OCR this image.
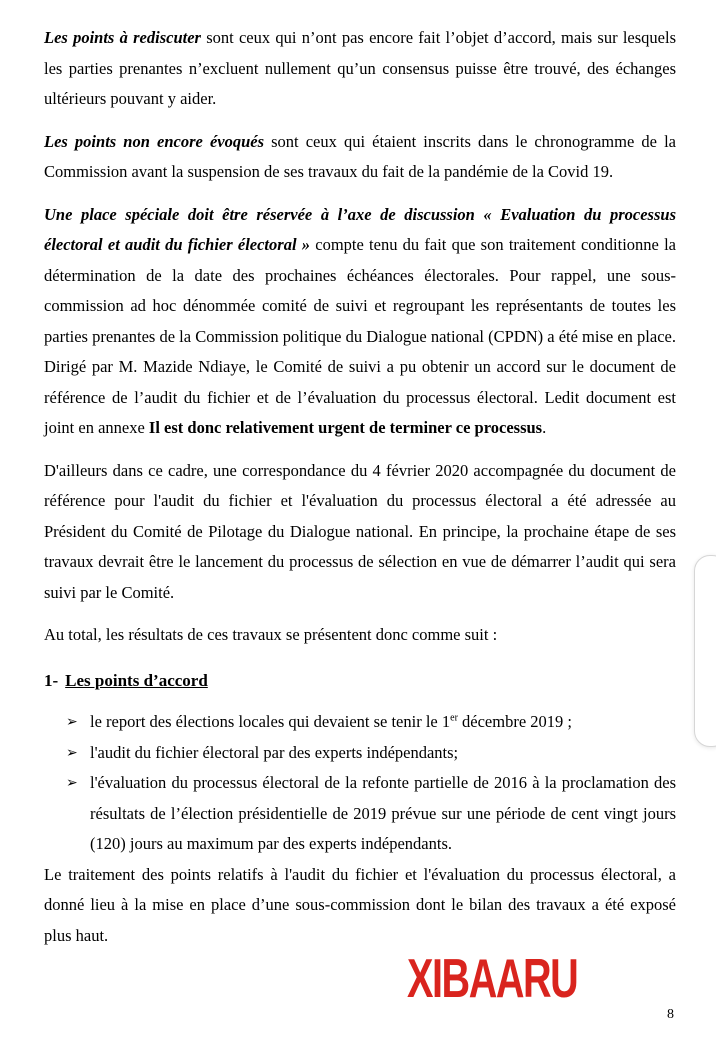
Les points à rediscuter sont ceux qui n’ont pas encore fait l’objet d’accord, mais sur lesquels les parties prenantes n’excluent nullement qu’un consensus puisse être trouvé, des échanges ultérieurs pouvant y aider.

Les points non encore évoqués sont ceux qui étaient inscrits dans le chronogramme de la Commission avant la suspension de ses travaux du fait de la pandémie de la Covid 19.

Une place spéciale doit être réservée à l’axe de discussion « Evaluation du processus électoral et audit du fichier électoral » compte tenu du fait que son traitement conditionne la détermination de la date des prochaines échéances électorales. Pour rappel, une sous-commission ad hoc dénommée comité de suivi et regroupant les représentants de toutes les parties prenantes de la Commission politique du Dialogue national (CPDN) a été mise en place. Dirigé par M. Mazide Ndiaye, le Comité de suivi a pu obtenir un accord sur le document de référence de l’audit du fichier et de l’évaluation du processus électoral. Ledit document est joint en annexe Il est donc relativement urgent de terminer ce processus.

D'ailleurs dans ce cadre, une correspondance du 4 février 2020 accompagnée du document de référence pour l'audit du fichier et l'évaluation du processus électoral a été adressée au Président du Comité de Pilotage du Dialogue national. En principe, la prochaine étape de ses travaux devrait être le lancement du processus de sélection en vue de démarrer l’audit qui sera suivi par le Comité.

Au total, les résultats de ces travaux se présentent donc comme suit :

1- Les points d’accord

➢ le report des élections locales qui devaient se tenir le 1er décembre 2019 ;
➢ l'audit du fichier électoral par des experts indépendants;
➢ l'évaluation du processus électoral de la refonte partielle de 2016 à la proclamation des résultats de l’élection présidentielle de 2019 prévue sur une période de cent vingt jours (120) jours au maximum par des experts indépendants.

Le traitement des points relatifs à l'audit du fichier et l'évaluation du processus électoral, a donné lieu à la mise en place d’une sous-commission dont le bilan des travaux a été exposé plus haut.

XIBAARU
8
